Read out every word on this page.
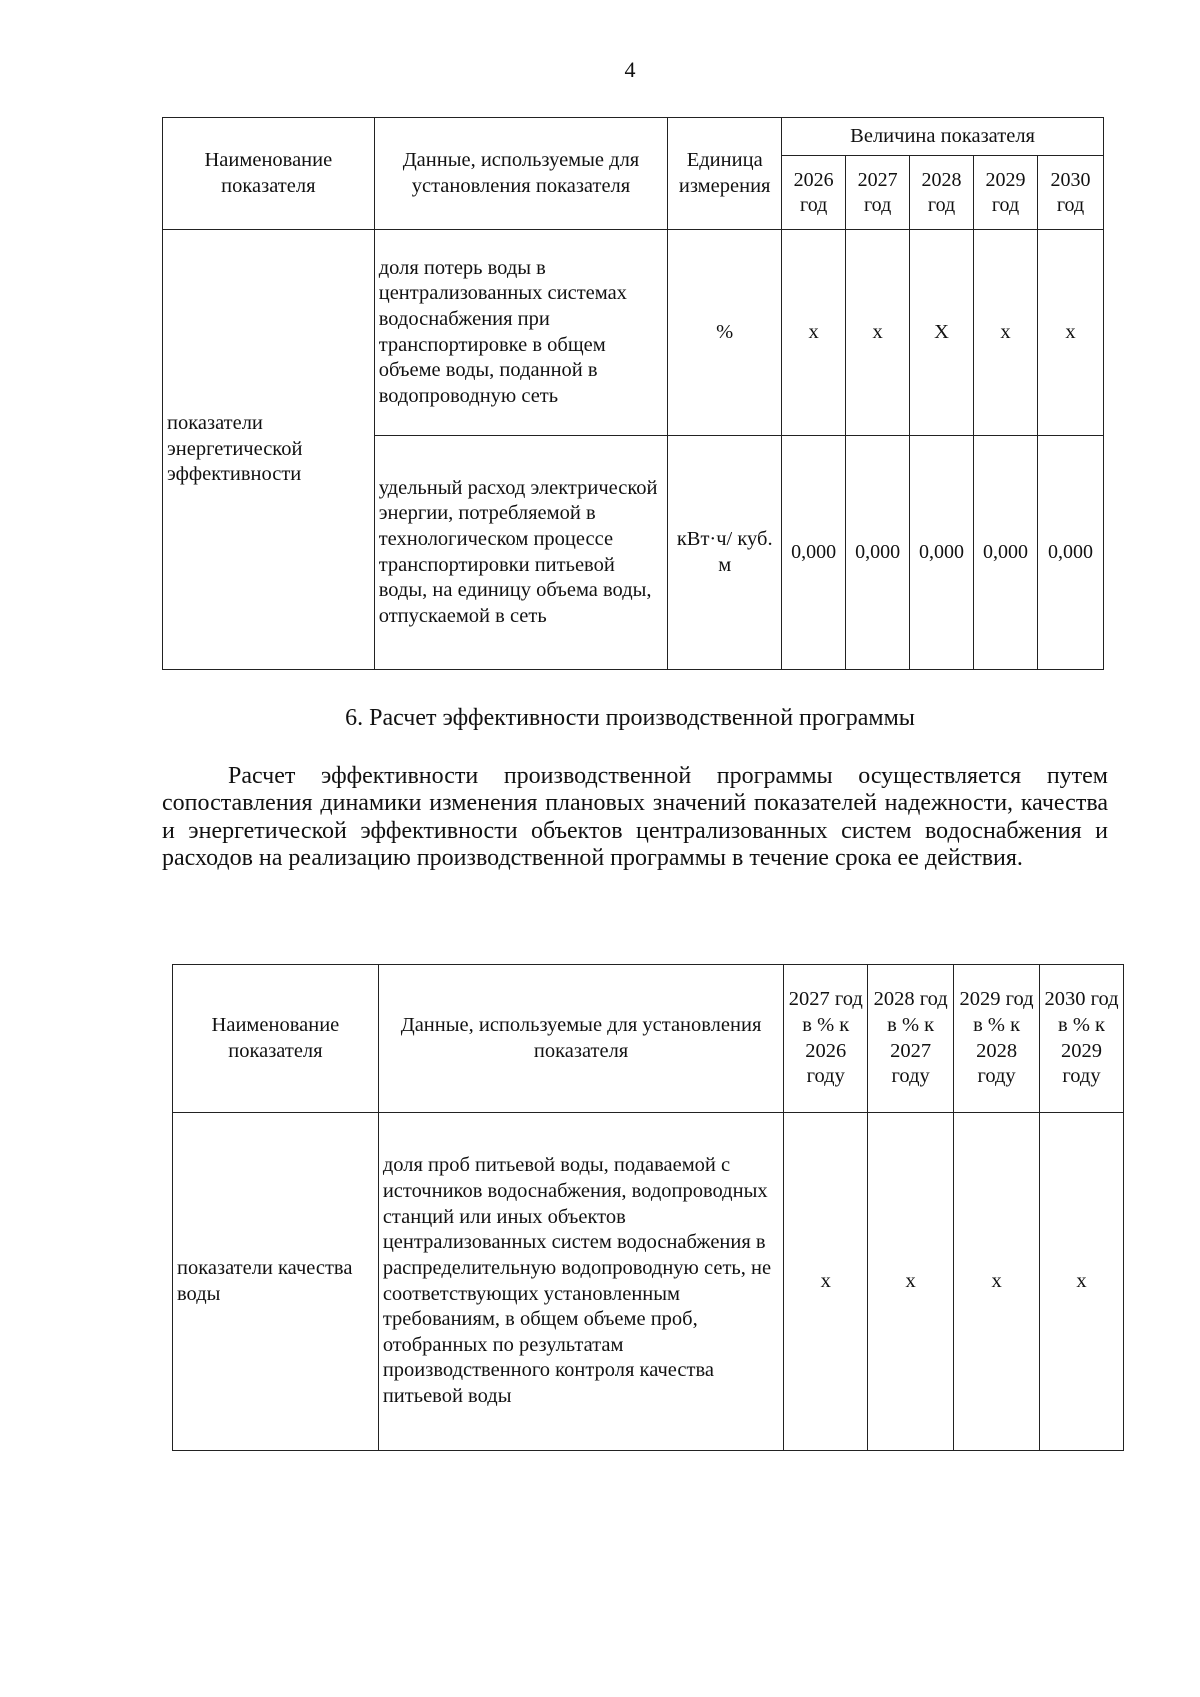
4
Наименование показателя	Данные, используемые для установления показателя	Единица измерения	Величина показателя				
			2026 год	2027 год	2028 год	2029 год	2030 год
показатели энергетической эффективности	доля потерь воды в централизованных системах водоснабжения при транспортировке в общем объеме воды, поданной в водопроводную сеть	%	x	x	X	x	x
	удельный расход электрической энергии, потребляемой в технологическом процессе транспортировки питьевой воды, на единицу объема воды, отпускаемой в сеть	кВт·ч/ куб. м	0,000	0,000	0,000	0,000	0,000
6. Расчет эффективности производственной программы
Расчет эффективности производственной программы осуществляется путем сопоставления динамики изменения плановых значений показателей надежности, качества и энергетической эффективности объектов централизованных систем водоснабжения и расходов на реализацию производственной программы в течение срока ее действия.
Наименование показателя	Данные, используемые для установления показателя	2027 год в % к 2026 году	2028 год в % к 2027 году	2029 год в % к 2028 году	2030 год в % к 2029 году
показатели качества воды	доля проб питьевой воды, подаваемой с источников водоснабжения, водопроводных станций или иных объектов централизованных систем водоснабжения в распределительную водопроводную сеть, не соответствующих установленным требованиям, в общем объеме проб, отобранных по результатам производственного контроля качества питьевой воды	x	x	x	x
